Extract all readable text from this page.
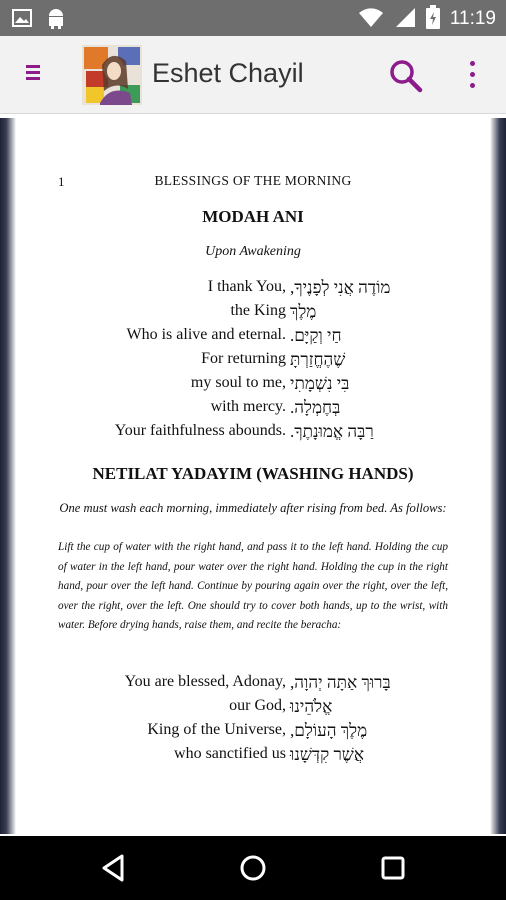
11:19
Eshet Chayil
1	BLESSINGS OF THE MORNING
MODAH ANI
Upon Awakening
I thank You, מוֹדֶה אֲנִי לְפָנֶיךָ,
the King מֶלֶךְ
Who is alive and eternal. חַי וְקַיָּם.
For returning שֶׁהֶחֱזַרְתָּ
my soul to me, בִּי נִשְׁמָתִי
with mercy. בְּחֶמְלָה.
Your faithfulness abounds. רַבָּה אֱמוּנָתֶךָ.
NETILAT YADAYIM (WASHING HANDS)
One must wash each morning, immediately after rising from bed. As follows:
Lift the cup of water with the right hand, and pass it to the left hand. Holding the cup of water in the left hand, pour water over the right hand. Holding the cup in the right hand, pour over the left hand. Continue by pouring again over the right, over the left, over the right, over the left. One should try to cover both hands, up to the wrist, with water. Before drying hands, raise them, and recite the beracha:
You are blessed, Adonay, בָּרוּךְ אַתָּה יְהוָה,
our God, אֱלֹהֵינוּ
King of the Universe, מֶלֶךְ הָעוֹלָם,
who sanctified us אֲשֶׁר קִדְּשָׁנוּ
